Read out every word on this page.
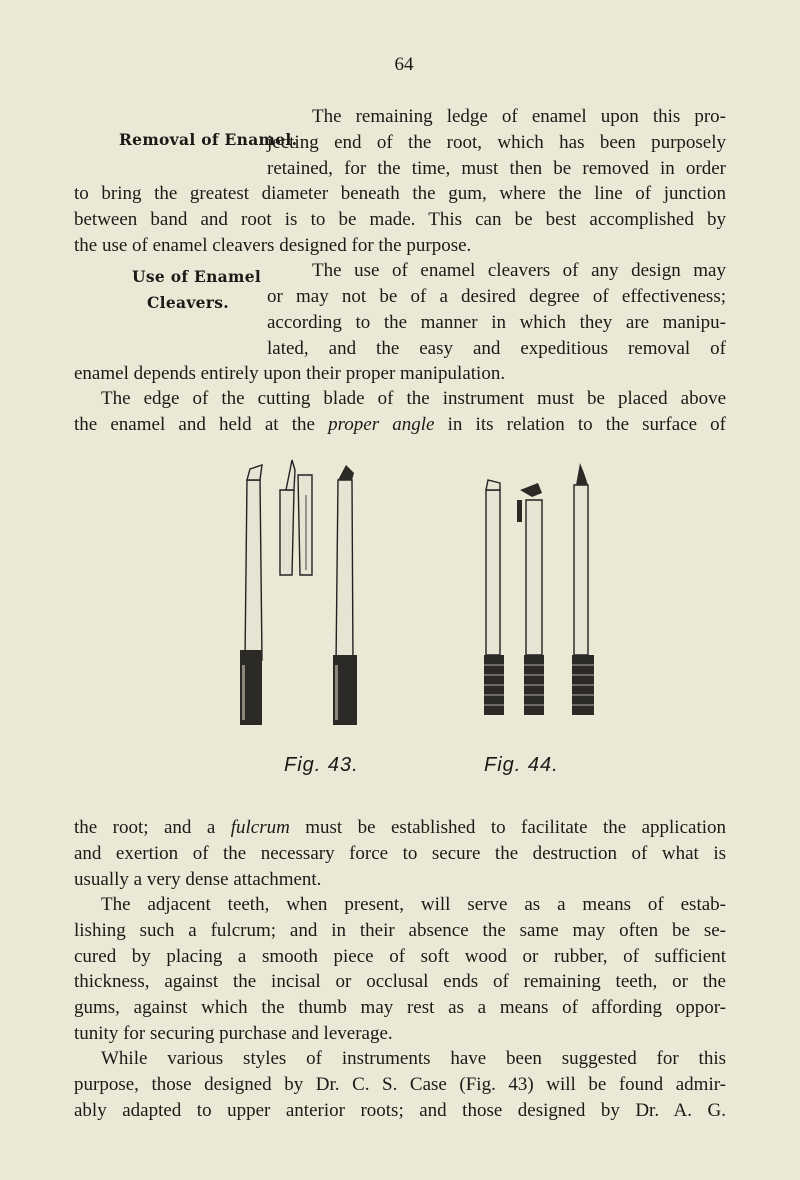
64
Removal of Enamel.
Use of Enamel
Cleavers.
The remaining ledge of enamel upon this pro-
jecting end of the root, which has been purposely
retained, for the time, must then be removed in order
to bring the greatest diameter beneath the gum, where the line of junction
between band and root is to be made. This can be best accomplished by
the use of enamel cleavers designed for the purpose.
The use of enamel cleavers of any design may
or may not be of a desired degree of effectiveness;
according to the manner in which they are manipu-
lated, and the easy and expeditious removal of
enamel depends entirely upon their proper manipulation.
The edge of the cutting blade of the instrument must be placed above
the enamel and held at the proper angle in its relation to the surface of
Fig. 43.	Fig. 44.
the root; and a fulcrum must be established to facilitate the application
and exertion of the necessary force to secure the destruction of what is
usually a very dense attachment.
The adjacent teeth, when present, will serve as a means of estab-
lishing such a fulcrum; and in their absence the same may often be se-
cured by placing a smooth piece of soft wood or rubber, of sufficient
thickness, against the incisal or occlusal ends of remaining teeth, or the
gums, against which the thumb may rest as a means of affording oppor-
tunity for securing purchase and leverage.
While various styles of instruments have been suggested for this
purpose, those designed by Dr. C. S. Case (Fig. 43) will be found admir-
ably adapted to upper anterior roots; and those designed by Dr. A. G.
